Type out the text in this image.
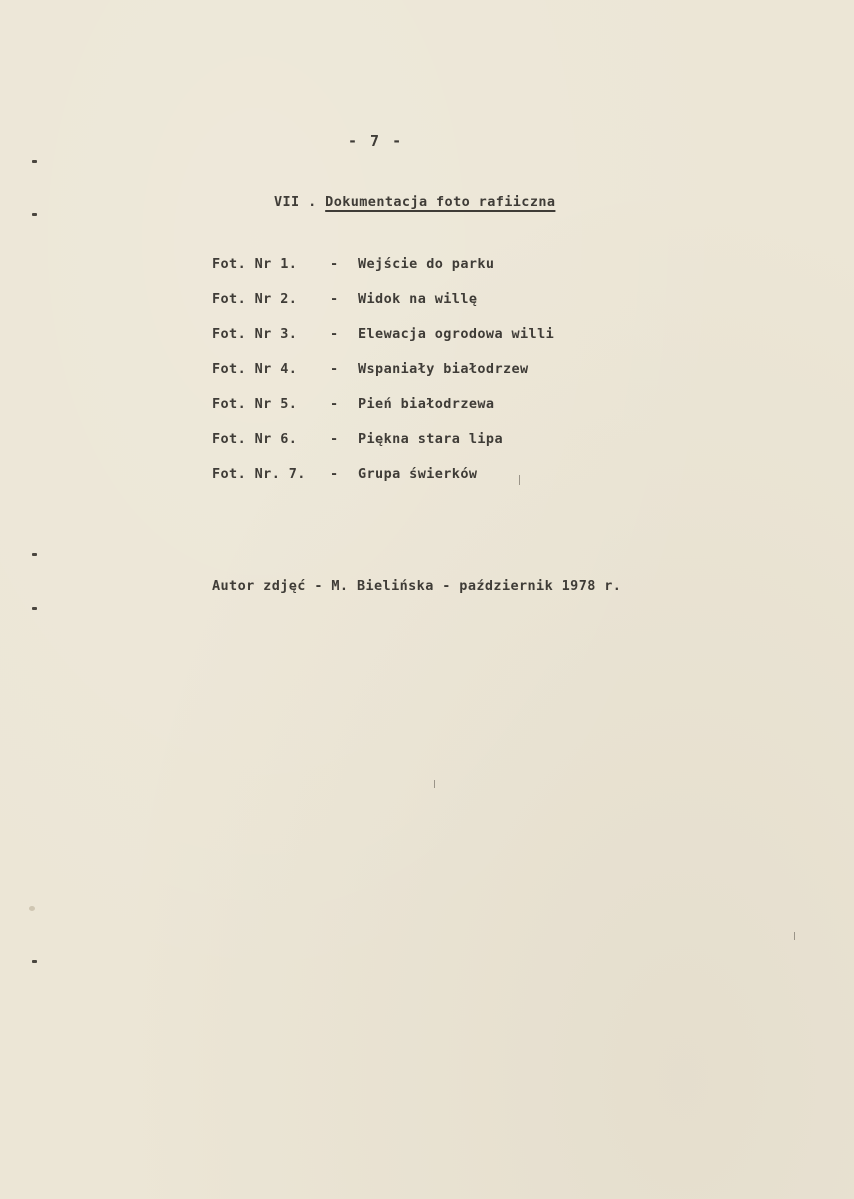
- 7 -
VII . Dokumentacja foto rafiiczna
Fot. Nr 1.	-	Wejście do parku
Fot. Nr 2.	-	Widok na willę
Fot. Nr 3.	-	Elewacja ogrodowa willi
Fot. Nr 4.	-	Wspaniały białodrzew
Fot. Nr 5.	-	Pień białodrzewa
Fot. Nr 6.	-	Piękna stara lipa
Fot. Nr. 7.	-	Grupa świerków
Autor zdjęć - M. Bielińska - październik 1978 r.
